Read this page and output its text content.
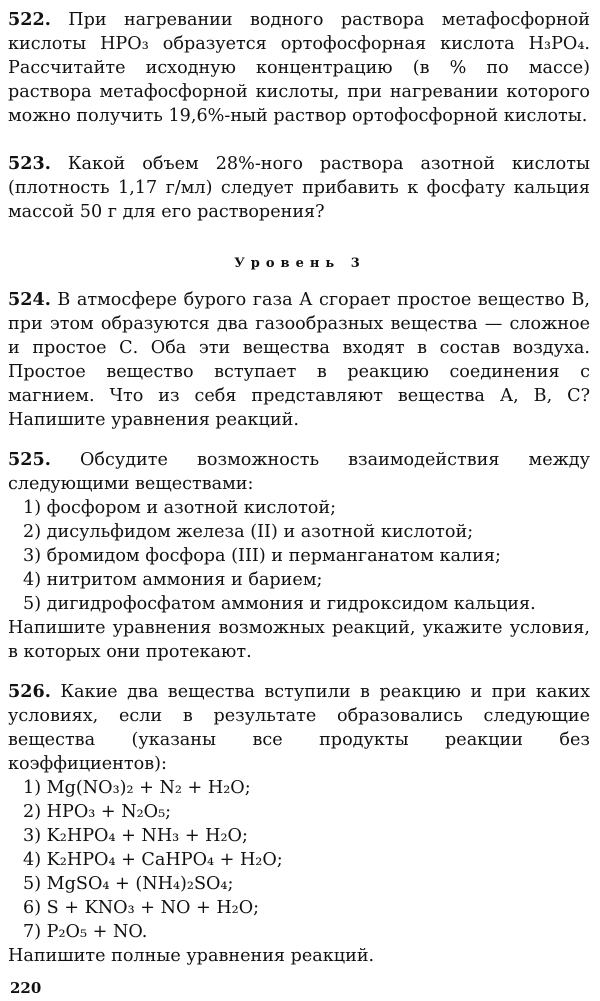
522. При нагревании водного раствора метафосфорной кислоты НРО₃ образуется ортофосфорная кислота Н₃РО₄. Рассчитайте исходную концентрацию (в % по массе) раствора метафосфорной кислоты, при нагревании которого можно получить 19,6%-ный раствор ортофосфорной кислоты.
523. Какой объем 28%-ного раствора азотной кислоты (плотность 1,17 г/мл) следует прибавить к фосфату кальция массой 50 г для его растворения?
Уровень 3
524. В атмосфере бурого газа А сгорает простое вещество В, при этом образуются два газообразных вещества — сложное и простое С. Оба эти вещества входят в состав воздуха. Простое вещество вступает в реакцию соединения с магнием. Что из себя представляют вещества А, В, С? Напишите уравнения реакций.
525. Обсудите возможность взаимодействия между следующими веществами:
1) фосфором и азотной кислотой;
2) дисульфидом железа (II) и азотной кислотой;
3) бромидом фосфора (III) и перманганатом калия;
4) нитритом аммония и барием;
5) дигидрофосфатом аммония и гидроксидом кальция.
Напишите уравнения возможных реакций, укажите условия, в которых они протекают.
526. Какие два вещества вступили в реакцию и при каких условиях, если в результате образовались следующие вещества (указаны все продукты реакции без коэффициентов):
1) Mg(NO₃)₂ + N₂ + H₂O;
2) HPO₃ + N₂O₅;
3) K₂HPO₄ + NH₃ + H₂O;
4) K₂HPO₄ + CaHPO₄ + H₂O;
5) MgSO₄ + (NH₄)₂SO₄;
6) S + KNO₃ + NO + H₂O;
7) P₂O₅ + NO.
Напишите полные уравнения реакций.
220
